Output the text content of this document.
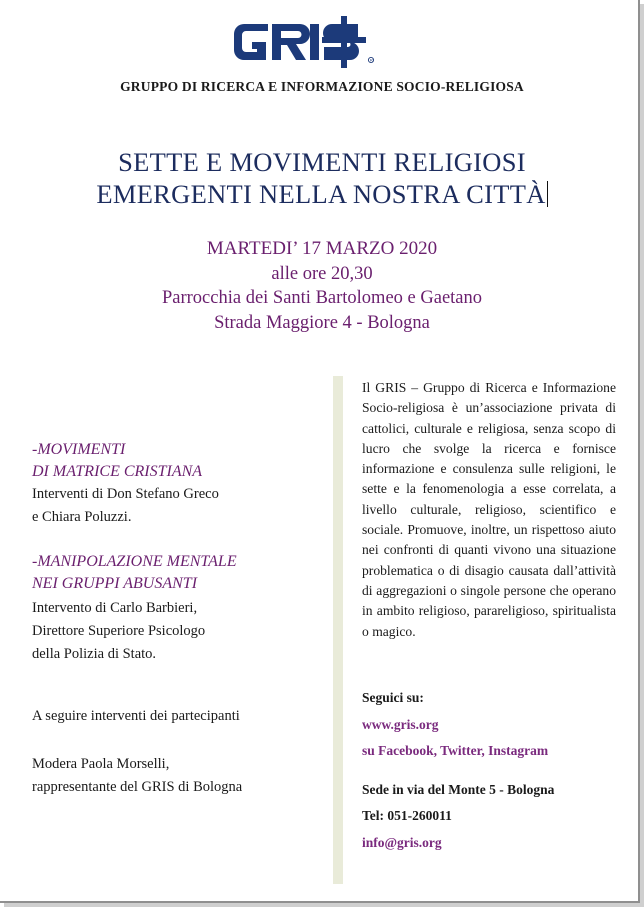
R
GRUPPO DI RICERCA E INFORMAZIONE SOCIO-RELIGIOSA
SETTE E MOVIMENTI RELIGIOSI
EMERGENTI NELLA NOSTRA CITTÀ
MARTEDI’ 17 MARZO 2020
alle ore 20,30
Parrocchia dei Santi Bartolomeo e Gaetano
Strada Maggiore 4 - Bologna
-MOVIMENTI
DI MATRICE CRISTIANA
Interventi di Don Stefano Greco
e Chiara Poluzzi.
-MANIPOLAZIONE MENTALE
NEI GRUPPI ABUSANTI
Intervento di Carlo Barbieri,
Direttore Superiore Psicologo
della Polizia di Stato.
A seguire interventi dei partecipanti
Modera Paola Morselli,
rappresentante del GRIS di Bologna
Il GRIS – Gruppo di Ricerca e Informazione Socio-religiosa è un’associazione privata di cattolici, culturale e religiosa, senza scopo di lucro che svolge la ricerca e fornisce informazione e consulenza sulle religioni, le sette e la fenomenologia a esse correlata, a livello culturale, religioso, scientifico e sociale. Promuove, inoltre, un rispettoso aiuto nei confronti di quanti vivono una situazione problematica o di disagio causata dall’attività di aggregazioni o singole persone che operano in ambito religioso, parareligioso, spiritualista o magico.
Seguici su:
www.gris.org
su Facebook, Twitter, Instagram
Sede in via del Monte 5 - Bologna
Tel: 051-260011
info@gris.org
